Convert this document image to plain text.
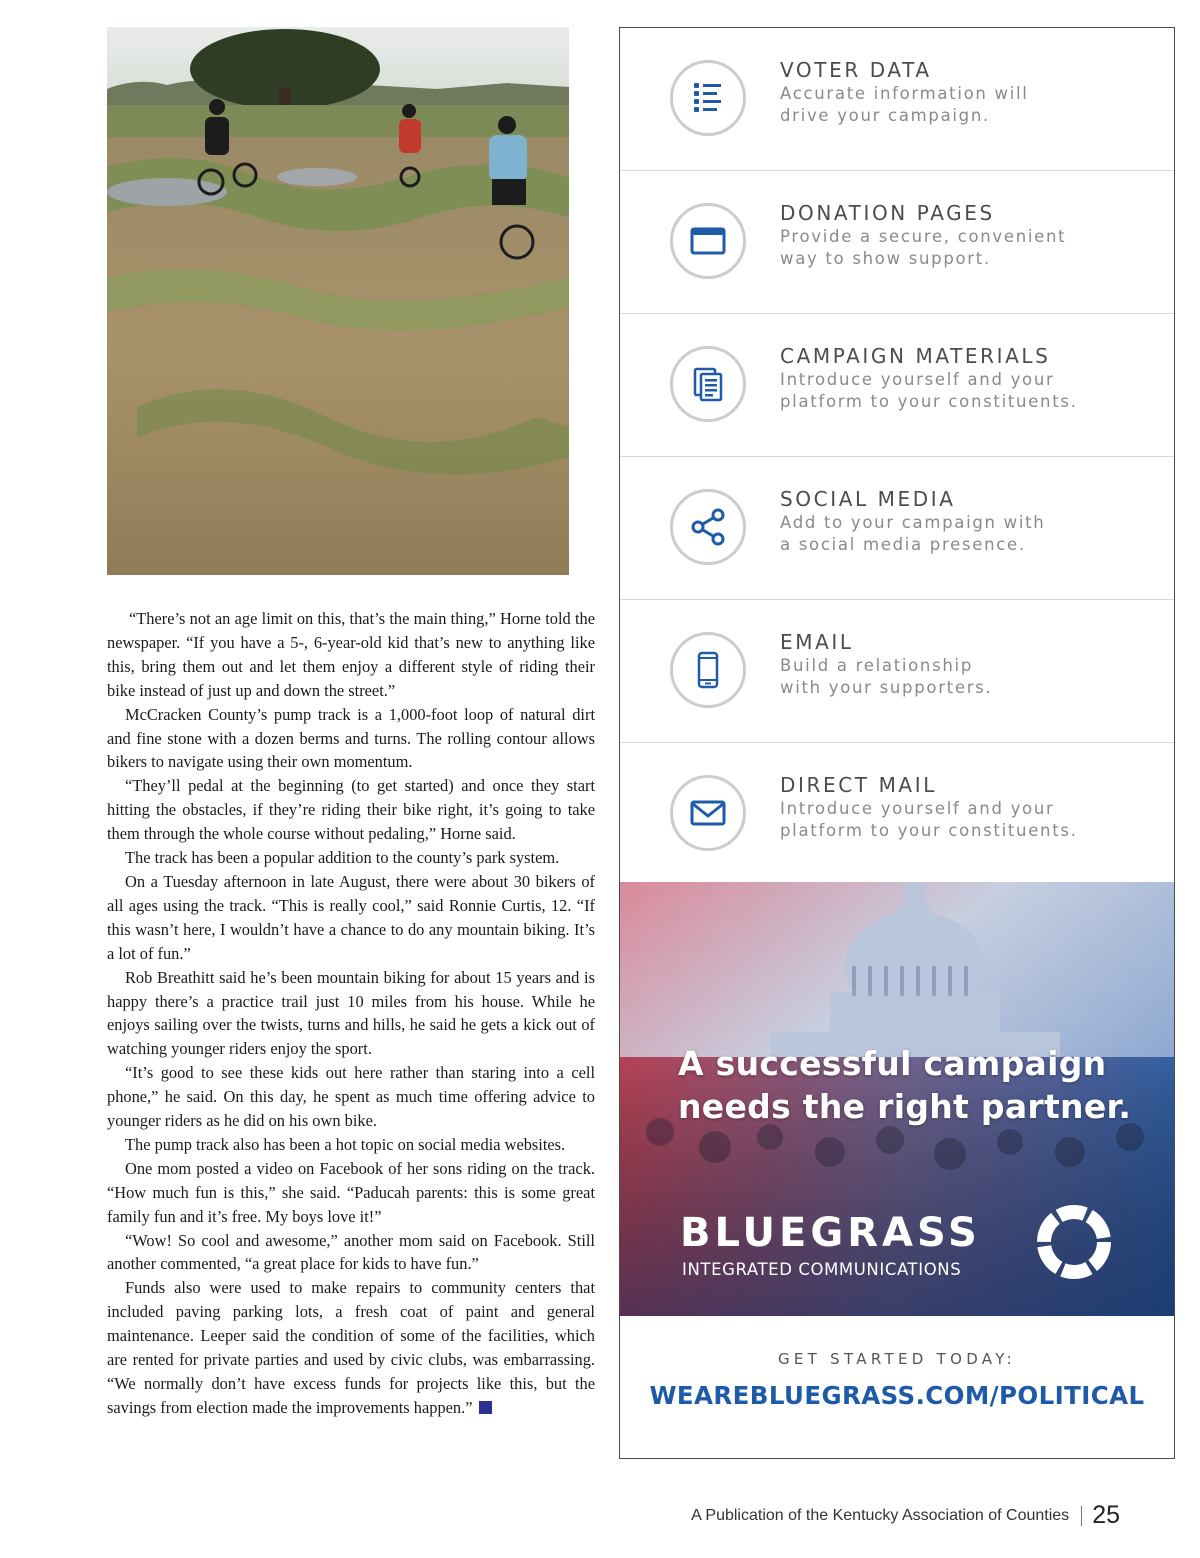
“There’s not an age limit on this, that’s the main thing,” Horne told the newspaper. “If you have a 5-, 6-year-old kid that’s new to anything like this, bring them out and let them enjoy a different style of riding their bike instead of just up and down the street.”

McCracken County’s pump track is a 1,000-foot loop of natural dirt and fine stone with a dozen berms and turns. The rolling contour allows bikers to navigate using their own momentum.

“They’ll pedal at the beginning (to get started) and once they start hitting the obstacles, if they’re riding their bike right, it’s going to take them through the whole course without pedaling,” Horne said.

The track has been a popular addition to the county’s park system.

On a Tuesday afternoon in late August, there were about 30 bikers of all ages using the track. “This is really cool,” said Ronnie Curtis, 12. “If this wasn’t here, I wouldn’t have a chance to do any mountain biking. It’s a lot of fun.”

Rob Breathitt said he’s been mountain biking for about 15 years and is happy there’s a practice trail just 10 miles from his house. While he enjoys sailing over the twists, turns and hills, he said he gets a kick out of watching younger riders enjoy the sport.

“It’s good to see these kids out here rather than staring into a cell phone,” he said. On this day, he spent as much time offering advice to younger riders as he did on his own bike.

The pump track also has been a hot topic on social media websites.

One mom posted a video on Facebook of her sons riding on the track. “How much fun is this,” she said. “Paducah parents: this is some great family fun and it’s free. My boys love it!”

“Wow! So cool and awesome,” another mom said on Facebook. Still another commented, “a great place for kids to have fun.”

Funds also were used to make repairs to community centers that included paving parking lots, a fresh coat of paint and general maintenance. Leeper said the condition of some of the facilities, which are rented for private parties and used by civic clubs, was embarrassing. “We normally don’t have excess funds for projects like this, but the savings from election made the improvements happen.”

VOTER DATA
Accurate information will
drive your campaign.
DONATION PAGES
Provide a secure, convenient
way to show support.
CAMPAIGN MATERIALS
Introduce yourself and your
platform to your constituents.
SOCIAL MEDIA
Add to your campaign with
a social media presence.
EMAIL
Build a relationship
with your supporters.
DIRECT MAIL
Introduce yourself and your
platform to your constituents.
A successful campaign
needs the right partner.
BLUEGRASS
INTEGRATED COMMUNICATIONS
GET STARTED TODAY:
WEAREBLUEGRASS.COM/POLITICAL
A Publication of the Kentucky Association of Counties 25
